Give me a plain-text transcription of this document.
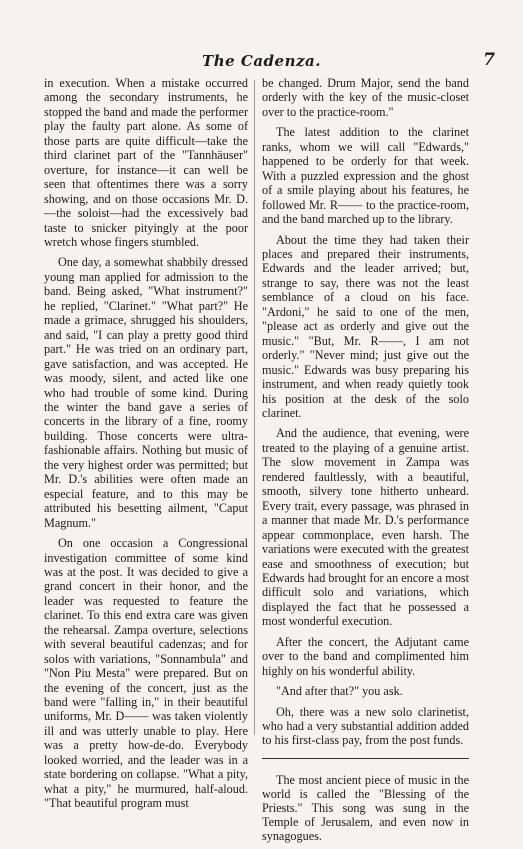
The Cadenza.	7

in execution. When a mistake occurred among the secondary instruments, he stopped the band and made the performer play the faulty part alone. As some of those parts are quite difficult—take the third clarinet part of the "Tannhäuser" overture, for instance—it can well be seen that oftentimes there was a sorry showing, and on those occasions Mr. D.—the soloist—had the excessively bad taste to snicker pityingly at the poor wretch whose fingers stumbled.

One day, a somewhat shabbily dressed young man applied for admission to the band. Being asked, "What instrument?" he replied, "Clarinet." "What part?" He made a grimace, shrugged his shoulders, and said, "I can play a pretty good third part." He was tried on an ordinary part, gave satisfaction, and was accepted. He was moody, silent, and acted like one who had trouble of some kind. During the winter the band gave a series of concerts in the library of a fine, roomy building. Those concerts were ultra-fashionable affairs. Nothing but music of the very highest order was permitted; but Mr. D.'s abilities were often made an especial feature, and to this may be attributed his besetting ailment, "Caput Magnum."

On one occasion a Congressional investigation committee of some kind was at the post. It was decided to give a grand concert in their honor, and the leader was requested to feature the clarinet. To this end extra care was given the rehearsal. Zampa overture, selections with several beautiful cadenzas; and for solos with variations, "Sonnambula" and "Non Piu Mesta" were prepared. But on the evening of the concert, just as the band were "falling in," in their beautiful uniforms, Mr. D—— was taken violently ill and was utterly unable to play. Here was a pretty how-de-do. Everybody looked worried, and the leader was in a state bordering on collapse. "What a pity, what a pity," he murmured, half-aloud. "That beautiful program must

be changed. Drum Major, send the band orderly with the key of the music-closet over to the practice-room."

The latest addition to the clarinet ranks, whom we will call "Edwards," happened to be orderly for that week. With a puzzled expression and the ghost of a smile playing about his features, he followed Mr. R—— to the practice-room, and the band marched up to the library.

About the time they had taken their places and prepared their instruments, Edwards and the leader arrived; but, strange to say, there was not the least semblance of a cloud on his face. "Ardoni," he said to one of the men, "please act as orderly and give out the music." "But, Mr. R——, I am not orderly." "Never mind; just give out the music." Edwards was busy preparing his instrument, and when ready quietly took his position at the desk of the solo clarinet.

And the audience, that evening, were treated to the playing of a genuine artist. The slow movement in Zampa was rendered faultlessly, with a beautiful, smooth, silvery tone hitherto unheard. Every trait, every passage, was phrased in a manner that made Mr. D.'s performance appear commonplace, even harsh. The variations were executed with the greatest ease and smoothness of execution; but Edwards had brought for an encore a most difficult solo and variations, which displayed the fact that he possessed a most wonderful execution.

After the concert, the Adjutant came over to the band and complimented him highly on his wonderful ability.

"And after that?" you ask.

Oh, there was a new solo clarinetist, who had a very substantial addition added to his first-class pay, from the post funds.

The most ancient piece of music in the world is called the "Blessing of the Priests." This song was sung in the Temple of Jerusalem, and even now in synagogues.
